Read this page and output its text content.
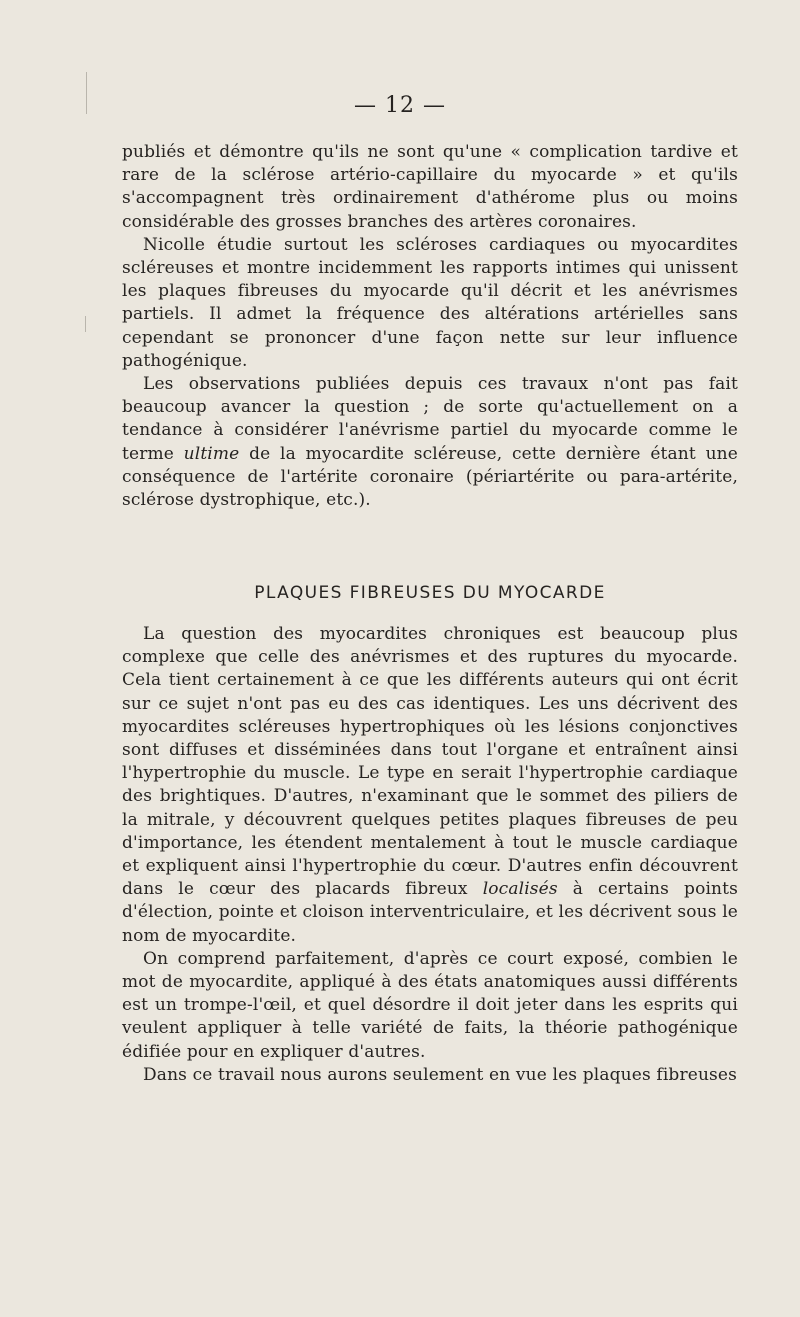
— 12 —

publiés et démontre qu'ils ne sont qu'une « complication tardive et rare de la sclérose artério-capillaire du myocarde » et qu'ils s'accompagnent très ordinairement d'athérome plus ou moins considérable des grosses branches des artères coronaires.

Nicolle étudie surtout les scléroses cardiaques ou myocardites scléreuses et montre incidemment les rapports intimes qui unissent les plaques fibreuses du myocarde qu'il décrit et les anévrismes partiels. Il admet la fréquence des altérations artérielles sans cependant se prononcer d'une façon nette sur leur influence pathogénique.

Les observations publiées depuis ces travaux n'ont pas fait beaucoup avancer la question ; de sorte qu'actuellement on a tendance à considérer l'anévrisme partiel du myocarde comme le terme ultime de la myocardite scléreuse, cette dernière étant une conséquence de l'artérite coronaire (périartérite ou para-artérite, sclérose dystrophique, etc.).

PLAQUES FIBREUSES DU MYOCARDE

La question des myocardites chroniques est beaucoup plus complexe que celle des anévrismes et des ruptures du myocarde. Cela tient certainement à ce que les différents auteurs qui ont écrit sur ce sujet n'ont pas eu des cas identiques. Les uns décrivent des myocardites scléreuses hypertrophiques où les lésions conjonctives sont diffuses et disséminées dans tout l'organe et entraînent ainsi l'hypertrophie du muscle. Le type en serait l'hypertrophie cardiaque des brightiques. D'autres, n'examinant que le sommet des piliers de la mitrale, y découvrent quelques petites plaques fibreuses de peu d'importance, les étendent mentalement à tout le muscle cardiaque et expliquent ainsi l'hypertrophie du cœur. D'autres enfin découvrent dans le cœur des placards fibreux localisés à certains points d'élection, pointe et cloison interventriculaire, et les décrivent sous le nom de myocardite.

On comprend parfaitement, d'après ce court exposé, combien le mot de myocardite, appliqué à des états anatomiques aussi différents est un trompe-l'œil, et quel désordre il doit jeter dans les esprits qui veulent appliquer à telle variété de faits, la théorie pathogénique édifiée pour en expliquer d'autres.

Dans ce travail nous aurons seulement en vue les plaques fibreuses
